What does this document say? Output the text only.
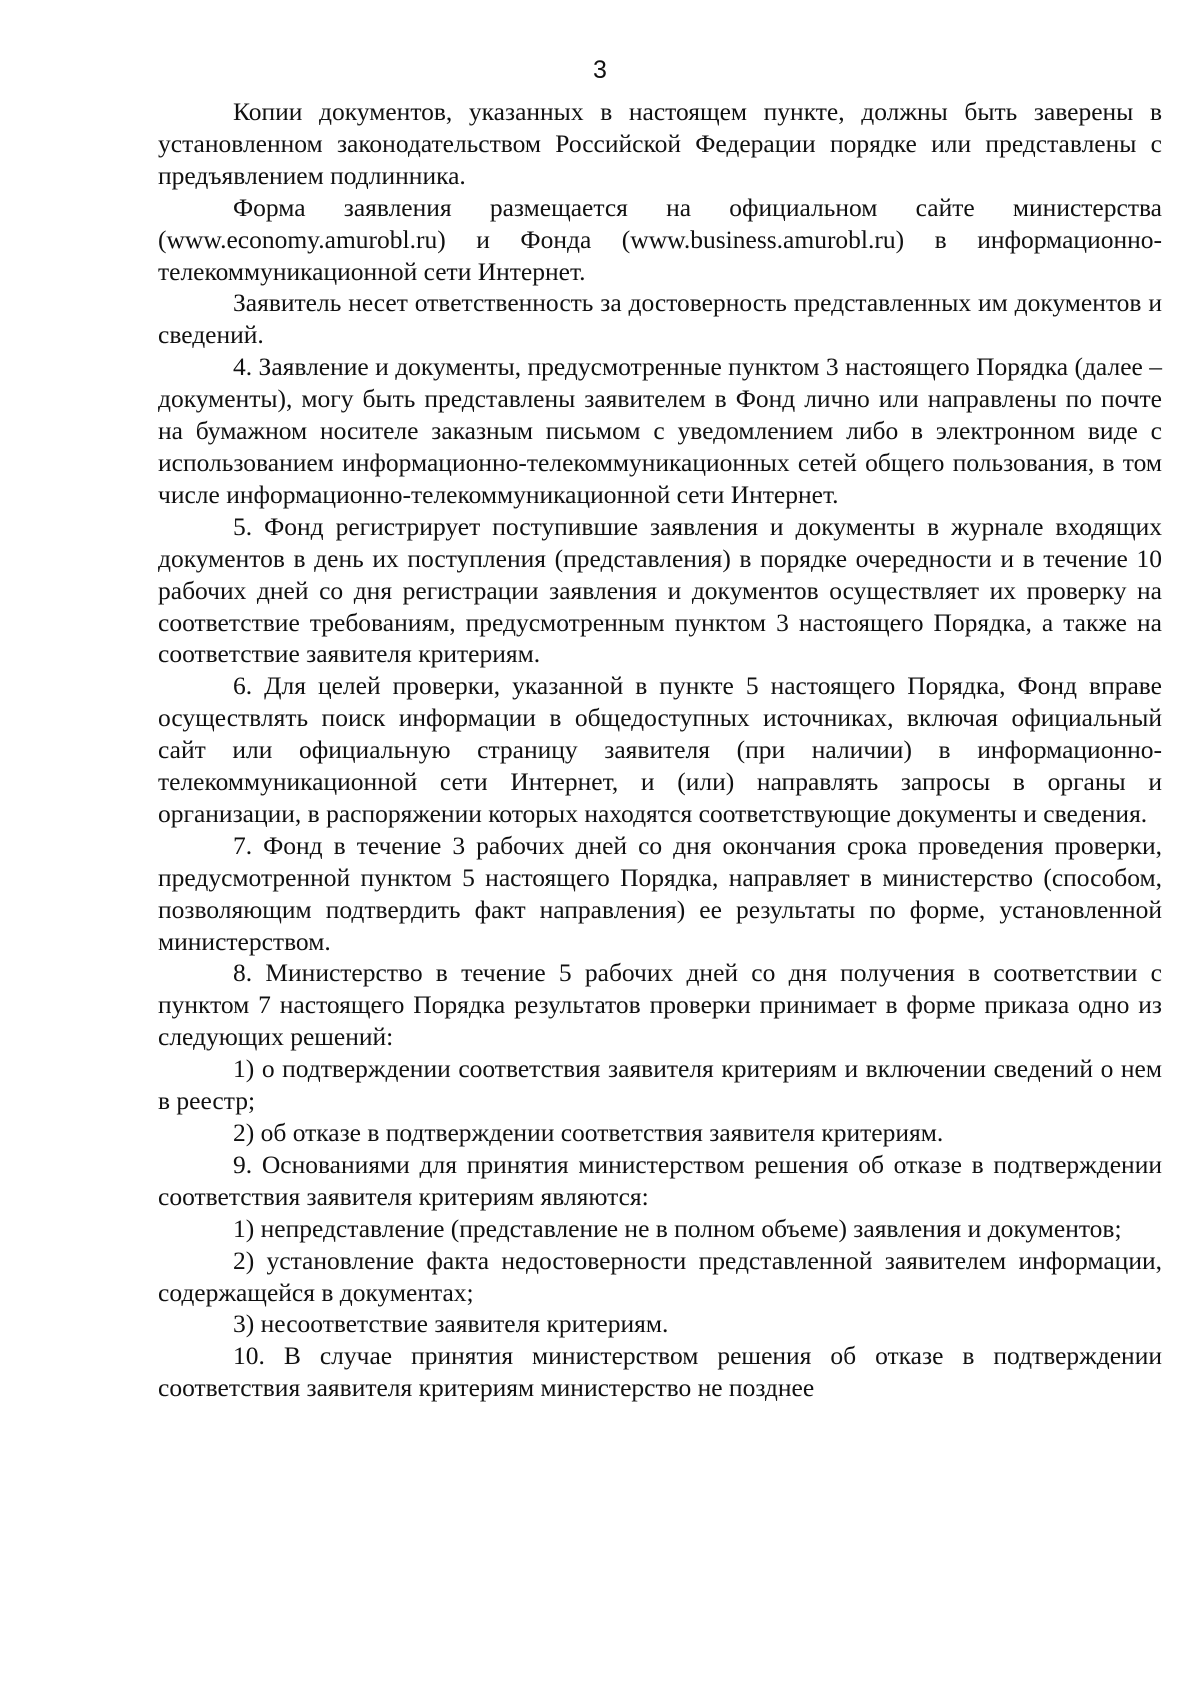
3

Копии документов, указанных в настоящем пункте, должны быть заверены в установленном законодательством Российской Федерации порядке или представлены с предъявлением подлинника.

Форма заявления размещается на официальном сайте министерства (www.economy.amurobl.ru) и Фонда (www.business.amurobl.ru) в информационно-телекоммуникационной сети Интернет.

Заявитель несет ответственность за достоверность представленных им документов и сведений.

4. Заявление и документы, предусмотренные пунктом 3 настоящего Порядка (далее – документы), могу быть представлены заявителем в Фонд лично или направлены по почте на бумажном носителе заказным письмом с уведомлением либо в электронном виде с использованием информационно-телекоммуникационных сетей общего пользования, в том числе информационно-телекоммуникационной сети Интернет.

5. Фонд регистрирует поступившие заявления и документы в журнале входящих документов в день их поступления (представления) в порядке очередности и в течение 10 рабочих дней со дня регистрации заявления и документов осуществляет их проверку на соответствие требованиям, предусмотренным пунктом 3 настоящего Порядка, а также на соответствие заявителя критериям.

6. Для целей проверки, указанной в пункте 5 настоящего Порядка, Фонд вправе осуществлять поиск информации в общедоступных источниках, включая официальный сайт или официальную страницу заявителя (при наличии) в информационно-телекоммуникационной сети Интернет, и (или) направлять запросы в органы и организации, в распоряжении которых находятся соответствующие документы и сведения.

7. Фонд в течение 3 рабочих дней со дня окончания срока проведения проверки, предусмотренной пунктом 5 настоящего Порядка, направляет в министерство (способом, позволяющим подтвердить факт направления) ее результаты по форме, установленной министерством.

8. Министерство в течение 5 рабочих дней со дня получения в соответствии с пунктом 7 настоящего Порядка результатов проверки принимает в форме приказа одно из следующих решений:

1) о подтверждении соответствия заявителя критериям и включении сведений о нем в реестр;

2) об отказе в подтверждении соответствия заявителя критериям.

9. Основаниями для принятия министерством решения об отказе в подтверждении соответствия заявителя критериям являются:

1) непредставление (представление не в полном объеме) заявления и документов;

2) установление факта недостоверности представленной заявителем информации, содержащейся в документах;

3) несоответствие заявителя критериям.

10. В случае принятия министерством решения об отказе в подтверждении соответствия заявителя критериям министерство не позднее
